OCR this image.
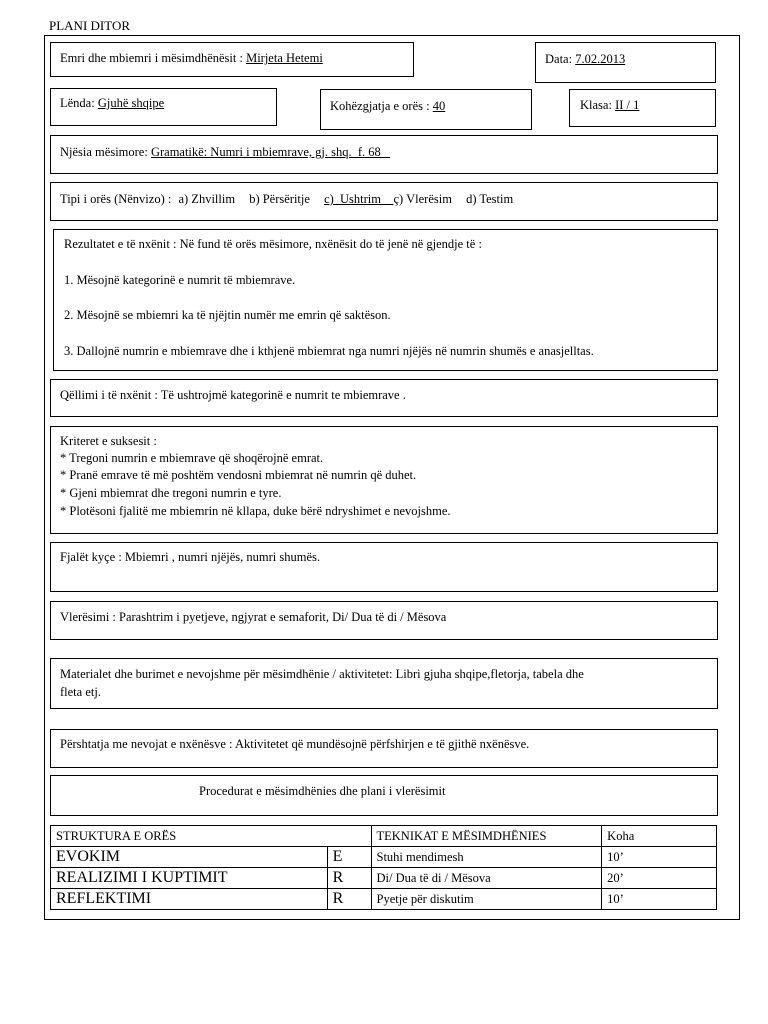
PLANI DITOR
Emri dhe mbiemri i mësimdhënësit : Mirjeta Hetemi	Data: 7.02.2013
Lënda: Gjuhë shqipe	Kohëzgjatja e orës : 40	Klasa: II / 1
Njësia mësimore: Gramatikë: Numri i mbiemrave, gj. shq.  f. 68
Tipi i orës (Nënvizo) : a) Zhvillim b) Përsëritje c)  Ushtrim ç) Vlerësim d) Testim
Rezultatet e të nxënit : Në fund të orës mësimore, nxënësit do të jenë në gjendje të :
1. Mësojnë kategorinë e numrit të mbiemrave.
2. Mësojnë se mbiemri ka të njëjtin numër me emrin që saktëson.
3. Dallojnë numrin e mbiemrave dhe i kthjenë mbiemrat nga numri njëjës në numrin shumës e anasjelltas.
Qëllimi i të nxënit : Të ushtrojmë kategorinë e numrit te mbiemrave .
Kriteret e suksesit :
* Tregoni numrin e mbiemrave që shoqërojnë emrat.
* Pranë emrave të më poshtëm vendosni mbiemrat në numrin që duhet.
* Gjeni mbiemrat dhe tregoni numrin e tyre.
* Plotësoni fjalitë me mbiemrin në kllapa, duke bërë ndryshimet e nevojshme.
Fjalët kyçe : Mbiemri , numri njëjës, numri shumës.
Vlerësimi : Parashtrim i pyetjeve, ngjyrat e semaforit, Di/ Dua të di / Mësova
Materialet dhe burimet e nevojshme për mësimdhënie / aktivitetet: Libri gjuha shqipe,fletorja, tabela dhe
fleta etj.
Përshtatja me nevojat e nxënësve : Aktivitetet që mundësojnë përfshirjen e të gjithë nxënësve.
Procedurat e mësimdhënies dhe plani i vlerësimit
STRUKTURA E ORËS		TEKNIKAT E MËSIMDHËNIES	Koha
EVOKIM	E	Stuhi mendimesh	10’
REALIZIMI I KUPTIMIT	R	Di/ Dua të di / Mësova	20’
REFLEKTIMI	R	Pyetje për diskutim	10’
